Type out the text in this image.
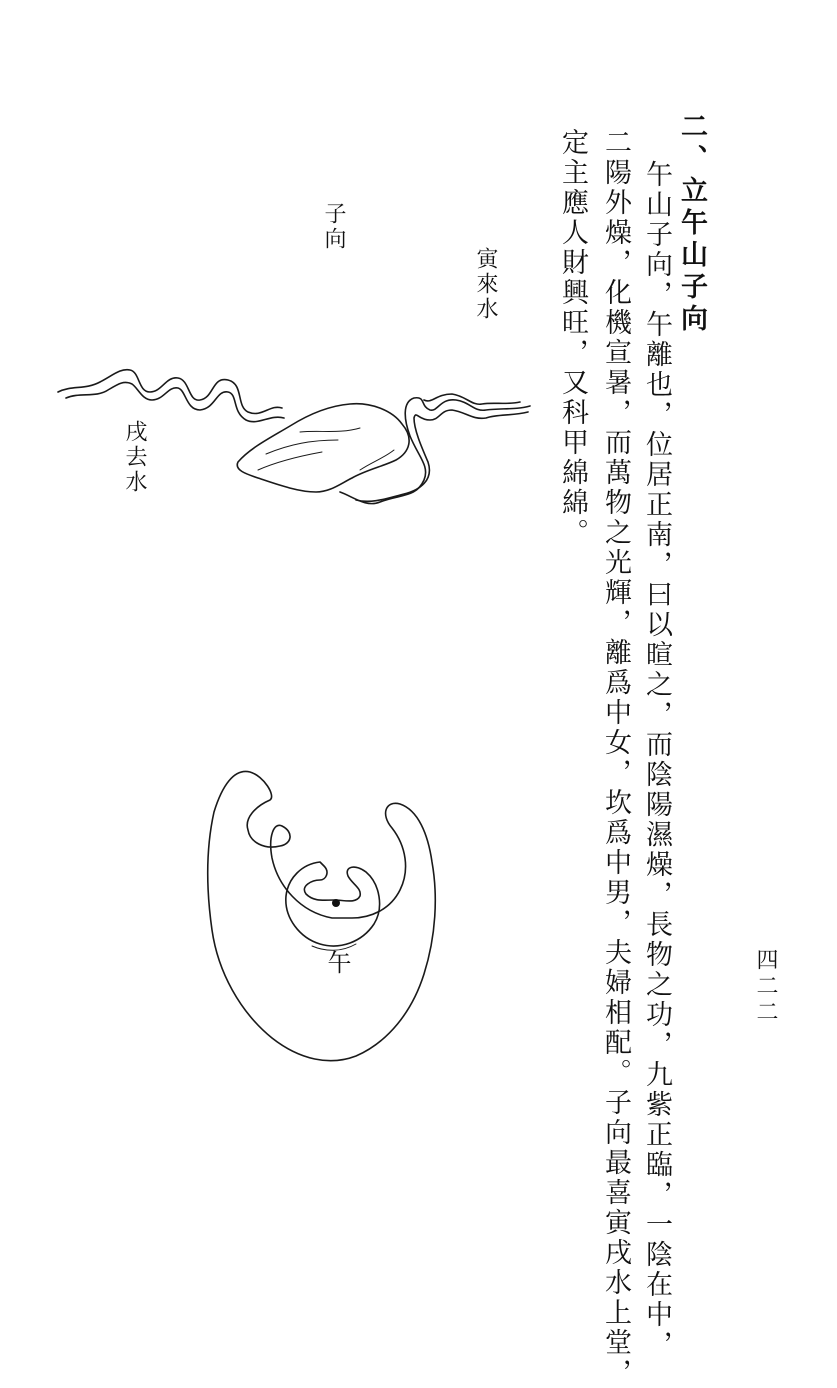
二、立午山子向
午山子向，午離也，位居正南，曰以暄之，而陰陽濕燥，長物之功，九紫正臨，一陰在中，
二陽外燥，化機宣暑，而萬物之光輝，離爲中女，坎爲中男，夫婦相配。子向最喜寅戌水上堂，
定主應人財興旺，又科甲綿綿。
四二二
子向
寅來水
戌去水
午
